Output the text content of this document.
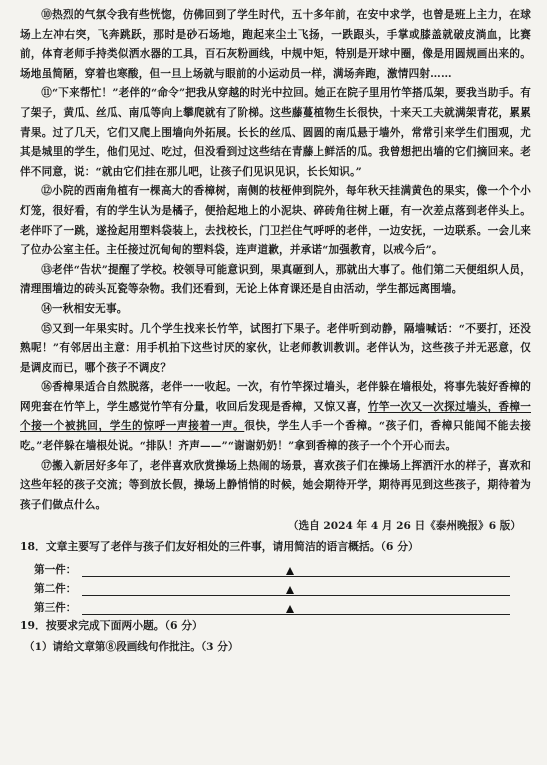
⑩热烈的气氛令我有些恍惚，仿佛回到了学生时代，五十多年前，在安中求学，也曾是班上主力，在球场上左冲右突，飞奔跳跃，那时是砂石场地，跑起来尘土飞扬，一跌跟头，手掌或膝盖就破皮淌血，比赛前，体育老师手持类似洒水器的工具，百石灰粉画线，中规中矩，特别是开球中圈，像是用圆规画出来的。场地虽简陋，穿着也寒酸，但一旦上场就与眼前的小运动员一样，满场奔跑，激情四射……

⑪“下来帮忙！”老伴的“命令”把我从穿越的时光中拉回。她正在院子里用竹竿搭瓜架，要我当助手。有了架子，黄瓜、丝瓜、南瓜等向上攀爬就有了阶梯。这些藤蔓植物生长很快，十来天工夫就满架青花，累累青果。过了几天，它们又爬上围墙向外拓展。长长的丝瓜、圆圆的南瓜悬于墙外，常常引来学生们围观，尤其是城里的学生，他们见过、吃过，但没看到过这些结在青藤上鲜活的瓜。我曾想把出墙的它们摘回来。老伴不同意，说：“就由它们挂在那儿吧，让孩子们见识见识，长长知识。”

⑫小院的西南角植有一棵高大的香樟树，南侧的枝桠伸到院外，每年秋天挂满黄色的果实，像一个个小灯笼，很好看，有的学生认为是橘子，便拾起地上的小泥块、碎砖角往树上砸，有一次差点落到老伴头上。老伴吓了一跳，遂捡起用塑料袋装上，去找校长，门卫拦住气呼呼的老伴，一边安抚，一边联系。一会儿来了位办公室主任。主任接过沉甸甸的塑料袋，连声道歉，并承诺“加强教育，以戒今后”。

⑬老伴“告状”提醒了学校。校领导可能意识到，果真砸到人，那就出大事了。他们第二天便组织人员，清理围墙边的砖头瓦瓷等杂物。我们还看到，无论上体育课还是自由活动，学生都远离围墙。

⑭一秋相安无事。

⑮又到一年果实时。几个学生找来长竹竿，试图打下果子。老伴听到动静，隔墙喊话：“不要打，还没熟呢！”有邻居出主意：用手机拍下这些讨厌的家伙，让老师教训教训。老伴认为，这些孩子并无恶意，仅是调皮而已，哪个孩子不调皮？

⑯香樟果适合自然脱落，老伴一一收起。一次，有竹竿探过墙头，老伴躲在墙根处，将事先装好香樟的网兜套在竹竿上，学生感觉竹竿有分量，收回后发现是香樟，又惊又喜，竹竿一次又一次探过墙头，香樟一个接一个被挑回，学生的惊呼一声接着一声。很快，学生人手一个香樟。“孩子们，香樟只能闻不能去接吃。”老伴躲在墙根处说。“排队！齐声——”“谢谢奶奶！”拿到香樟的孩子一个个开心而去。

⑰搬入新居好多年了，老伴喜欢欣赏操场上热闹的场景，喜欢孩子们在操场上挥洒汗水的样子，喜欢和这些年轻的孩子交流；等到放长假，操场上静悄悄的时候，她会期待开学，期待再见到这些孩子，期待着为孩子们做点什么。

（选自 2024 年 4 月 26 日《泰州晚报》6 版）

18．文章主要写了老伴与孩子们友好相处的三件事，请用简洁的语言概括。（6 分）

第一件：
第二件：
第三件：

19．按要求完成下面两小题。（6 分）

（1）请给文章第⑧段画线句作批注。（3 分）
